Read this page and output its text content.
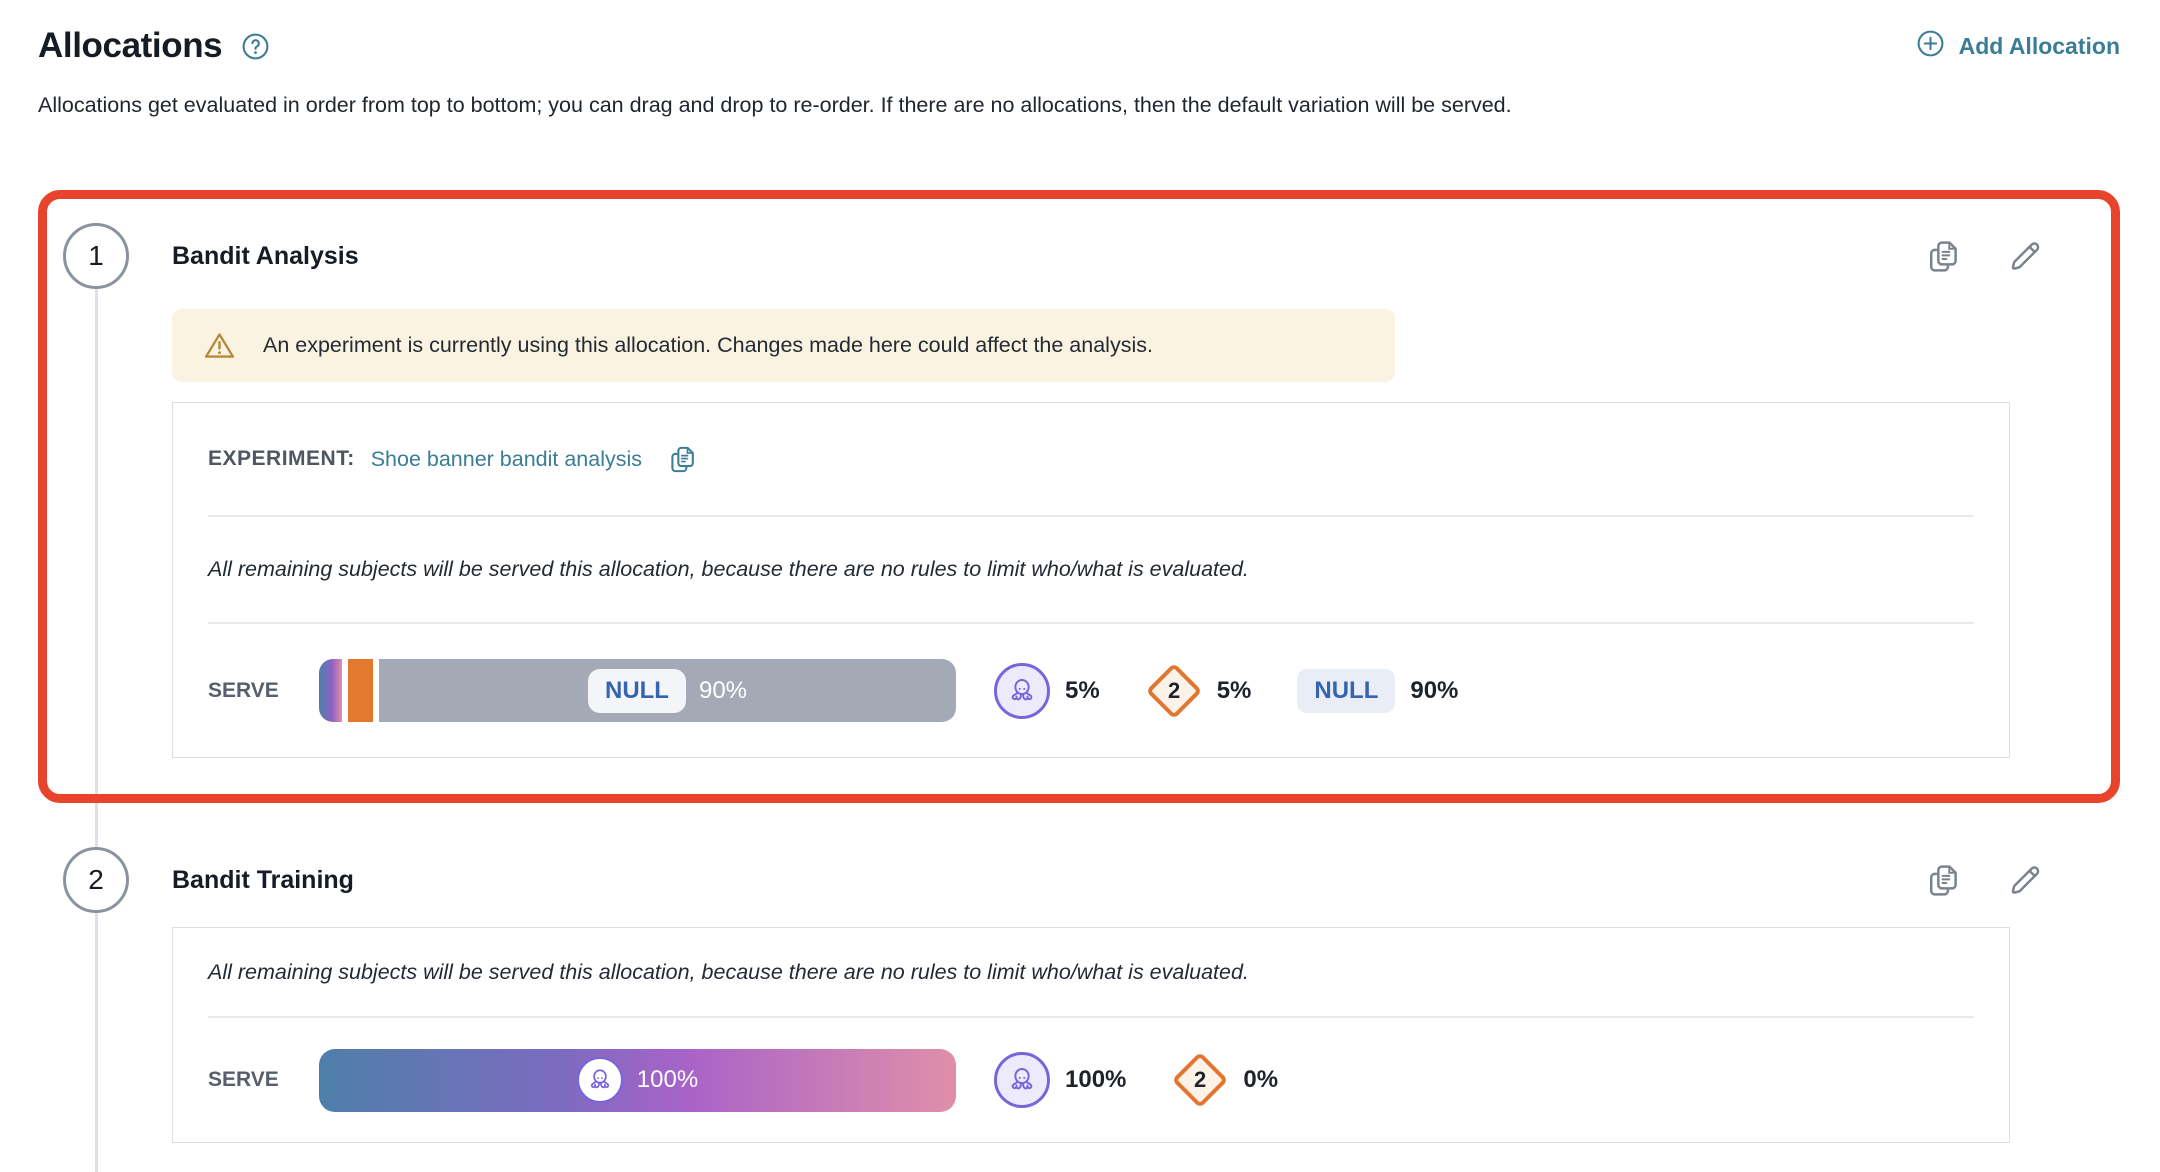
Allocations	Add Allocation
Allocations get evaluated in order from top to bottom; you can drag and drop to re-order. If there are no allocations, then the default variation will be served.
1	Bandit Analysis
An experiment is currently using this allocation. Changes made here could affect the analysis.
EXPERIMENT: Shoe banner bandit analysis
All remaining subjects will be served this allocation, because there are no rules to limit who/what is evaluated.
SERVE	NULL	90%	5%	2 5%	NULL	90%
2	Bandit Training
All remaining subjects will be served this allocation, because there are no rules to limit who/what is evaluated.
SERVE	100%	100%	2 0%
